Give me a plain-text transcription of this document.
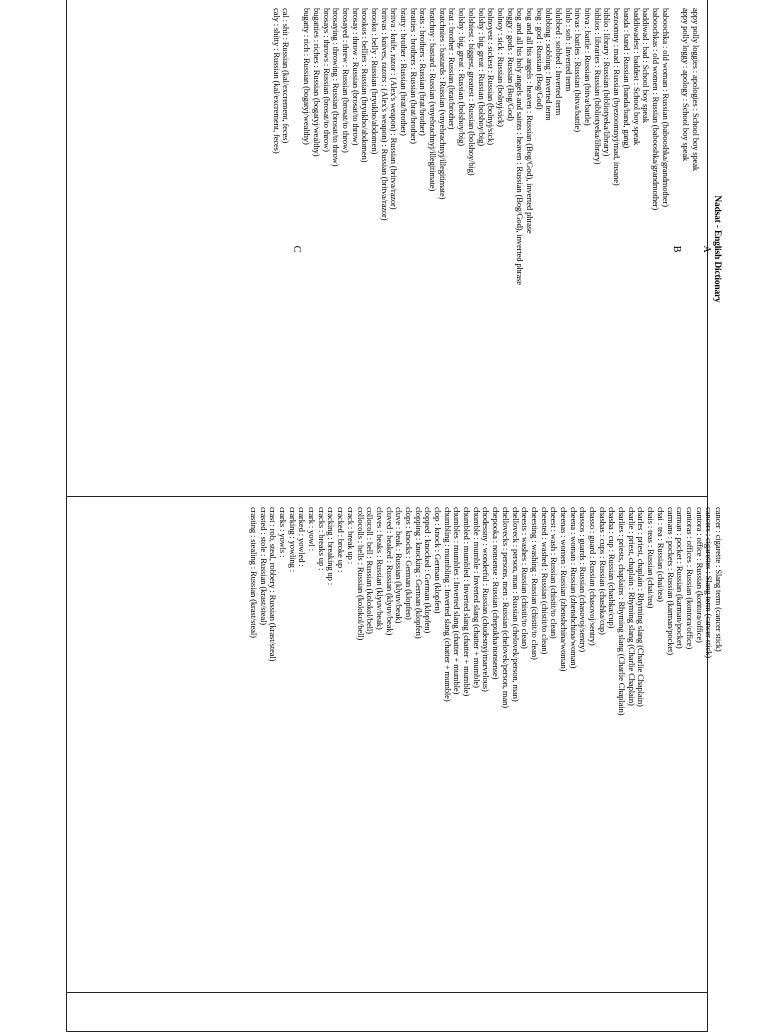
Nadsat - English Dictionary
A
appy polly loggies : apologies : School boy speak
appy polly loggy : apology : School boy speak
B
baboochka : old woman : Russian (babooshka/grandmother)
baboochkas : old women : Russian (babooshka/grandmother)
baddiwad : bad : School boy speak
baddiwadest : baddest : School boy speak
banda : band : Russian (banda/band, gang)
bezoomny : mad : Russian (byezoomnyj/mad, insane)
biblio : library : Russian (bibliotyeka/library)
biblios : libraries : Russian (bibliotyeka/library)
bitva : battle : Russian (bitva/battle)
bitvas : battles : Russian (bitva/battle)
blub : sob : Inverted term
blubbed : sobbed : Inverted term
blubbing : sobbing : Inverted term
bog : god : Russian (Bog/God)
bog and all his angels : heaven : Russian (Bog/God), inverted phrase
bog and all his holy angels and saints : heaven : Russian (Bog/God), inverted phrase
boggy : gods : Russian (Bog/God)
bolnoy : sick : Russian (bolnyj/sick)
bolnoyest : sickest : Russian (bolnyj/sick)
bolshy : big, great : Russian (bolshoy/big)
bolshiest : biggest, greatest : Russian (bolshoy/big)
bolshy : big, great : Russian (bolshoy/big)
brat : brother : Russian (brat/brother)
bratchnies : bastards : Russian (vnyebrachnyj/illegitimate)
bratchny : bastard : Russian (vnyebrachnyj/illegitimate)
brats : brothers : Russian (brat/brother)
bratties : brothers : Russian (brat/brother)
bratty : brother : Russian (brat/brother)
britva : knife, razor : (Alex's weapon) : Russian (britva/razor)
britvas : knives, razors : (Alex's weapon) : Russian (britva/razor)
brooko : belly : Russian (bryukho/abdomen)
brookos : bellies : Russian (bryukho/abdomen)
brosay : throw : Russian (brosat/to throw)
brosayed : threw : Russian (brosat/to throw)
brosaying : throwing : Russian (brosat/to throw)
brosays : throws : Russian (brosat/to throw)
bugatties : riches : Russian (bogatyj/wealthy)
bugatty : rich : Russian (bogatyj/wealthy)
C
cal : shit : Russian (kal/excrement, feces)
caly : shitty : Russian (kal/excrement, feces)
cancer : cigarette : Slang term (cancer stick)
cancers : cigarettes : Slang term (cancer stick)
cantora : office : Russian (kontora/office)
cantoras : offices : Russian (kontora/office)
carman : pocket : Russian (karman/pocket)
carmans : pockets : Russian (karman/pocket)
chai : tea : Russian (chai/tea)
chais : teas : Russian (chai/tea)
charles : priest, chaplain : Rhyming slang (Charlie Chaplain)
charlie : priest, chaplain : Rhyming slang (Charlie Chaplain)
charlies : priests, chaplains : Rhyming slang (Charlie Chaplain)
chasha : cup : Russian (chashka/cup)
chashas : cups : Russian (chashka/cup)
chasso : guard : Russian (chasovoj/sentry)
chassos : guards : Russian (chasovoj/sentry)
cheena : woman : Russian (zhenshchina/woman)
cheenas : women : Russian (zhenshchina/woman)
cheest : wash : Russian (chistit/to clean)
cheested : washed : Russian (chistit/to clean)
cheesting : washing : Russian (chistit/to clean)
cheests : washes : Russian (chistit/to clean)
chelloveck : person, man : Russian (chelovek/person, man)
chellovecks : persons, men : Russian (chelovek/person, man)
chepooka : nonsense : Russian (chepukha/nonsense)
chodessny : wonderful : Russian (chudesnyj/marvelous)
chumble : mumble : Inverted slang (chatter + mumble)
chumbled : mumbled : Inverted slang (chatter + mumble)
chumbles : mumbles : Inverted slang (chatter + mumble)
chumbling : mumbling : Inverted slang (chatter + mumble)
clop : knock : German (klopfen)
clopped : knocked : German (klopfen)
clopping : knocking : German (klopfen)
clops : knocks : German (klopfen)
cluve : beak : Russian (klyuv/beak)
cluved : beaked : Russian (klyuv/beak)
cluves : beaks : Russian (klyuv/beak)
collocoll : bell : Russian (kolokol/bell)
collocolls : bells : Russian (kolokol/bell)
crack : break up :
cracked : broke up :
cracking : breaking up :
cracks : breaks up :
crark : yowl :
crarked : yowled :
crarking : yowling :
crarks : yowls :
crast : rob, steal, robbery : Russian (krast/steal)
crasted : stole : Russian (krast/steal)
crasting : stealing : Russian (krast/steal)
